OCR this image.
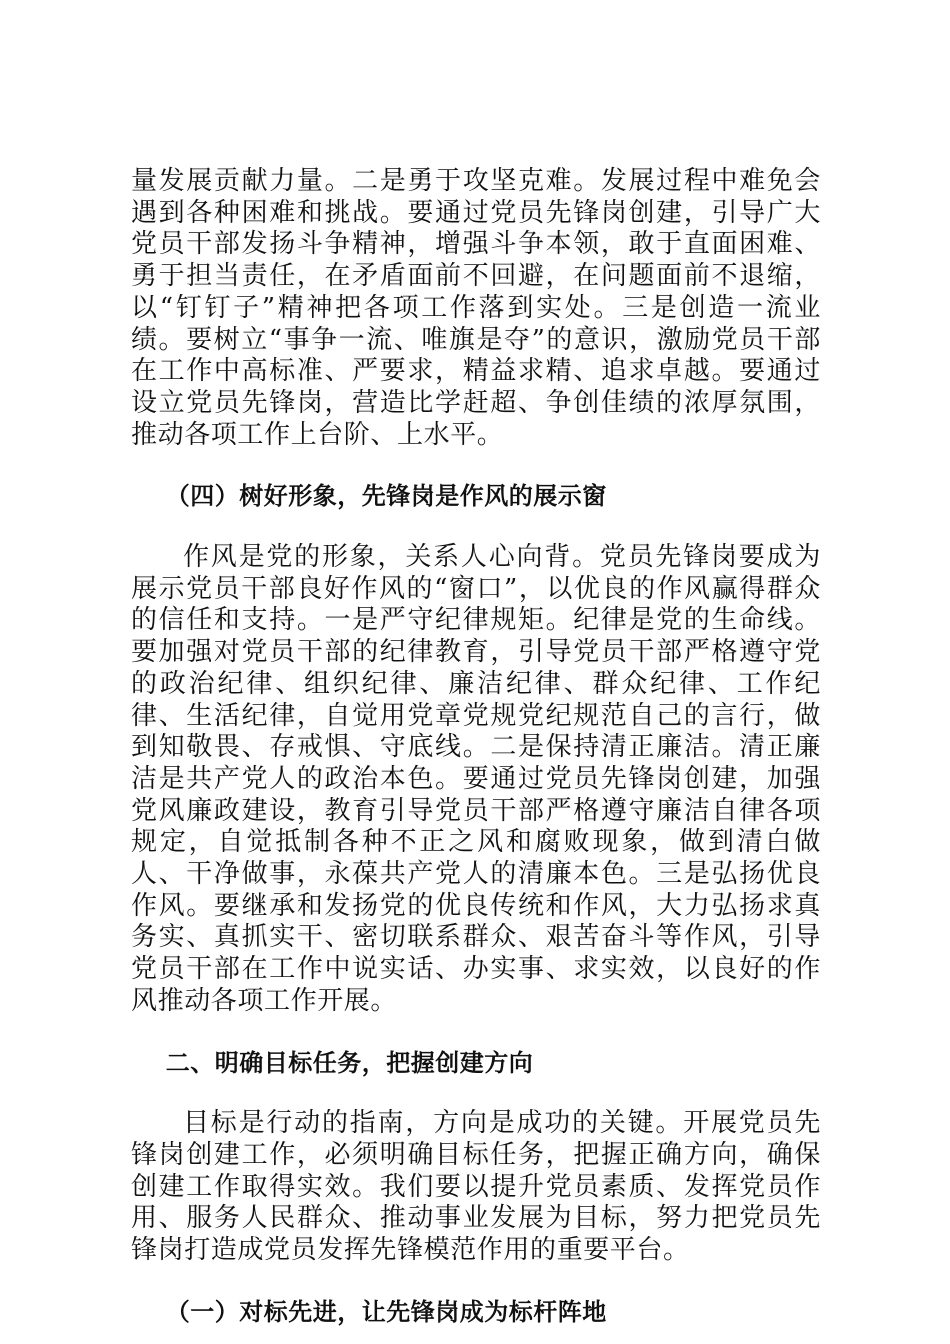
量发展贡献力量。二是勇于攻坚克难。发展过程中难免会遇到各种困难和挑战。要通过党员先锋岗创建，引导广大党员干部发扬斗争精神，增强斗争本领，敢于直面困难、勇于担当责任，在矛盾面前不回避，在问题面前不退缩，以“钉钉子”精神把各项工作落到实处。三是创造一流业绩。要树立“事争一流、唯旗是夺”的意识，激励党员干部在工作中高标准、严要求，精益求精、追求卓越。要通过设立党员先锋岗，营造比学赶超、争创佳绩的浓厚氛围，推动各项工作上台阶、上水平。

（四）树好形象，先锋岗是作风的展示窗

作风是党的形象，关系人心向背。党员先锋岗要成为展示党员干部良好作风的“窗口”，以优良的作风赢得群众的信任和支持。一是严守纪律规矩。纪律是党的生命线。要加强对党员干部的纪律教育，引导党员干部严格遵守党的政治纪律、组织纪律、廉洁纪律、群众纪律、工作纪律、生活纪律，自觉用党章党规党纪规范自己的言行，做到知敬畏、存戒惧、守底线。二是保持清正廉洁。清正廉洁是共产党人的政治本色。要通过党员先锋岗创建，加强党风廉政建设，教育引导党员干部严格遵守廉洁自律各项规定，自觉抵制各种不正之风和腐败现象，做到清白做人、干净做事，永葆共产党人的清廉本色。三是弘扬优良作风。要继承和发扬党的优良传统和作风，大力弘扬求真务实、真抓实干、密切联系群众、艰苦奋斗等作风，引导党员干部在工作中说实话、办实事、求实效，以良好的作风推动各项工作开展。

二、明确目标任务，把握创建方向

目标是行动的指南，方向是成功的关键。开展党员先锋岗创建工作，必须明确目标任务，把握正确方向，确保创建工作取得实效。我们要以提升党员素质、发挥党员作用、服务人民群众、推动事业发展为目标，努力把党员先锋岗打造成党员发挥先锋模范作用的重要平台。

（一）对标先进，让先锋岗成为标杆阵地
